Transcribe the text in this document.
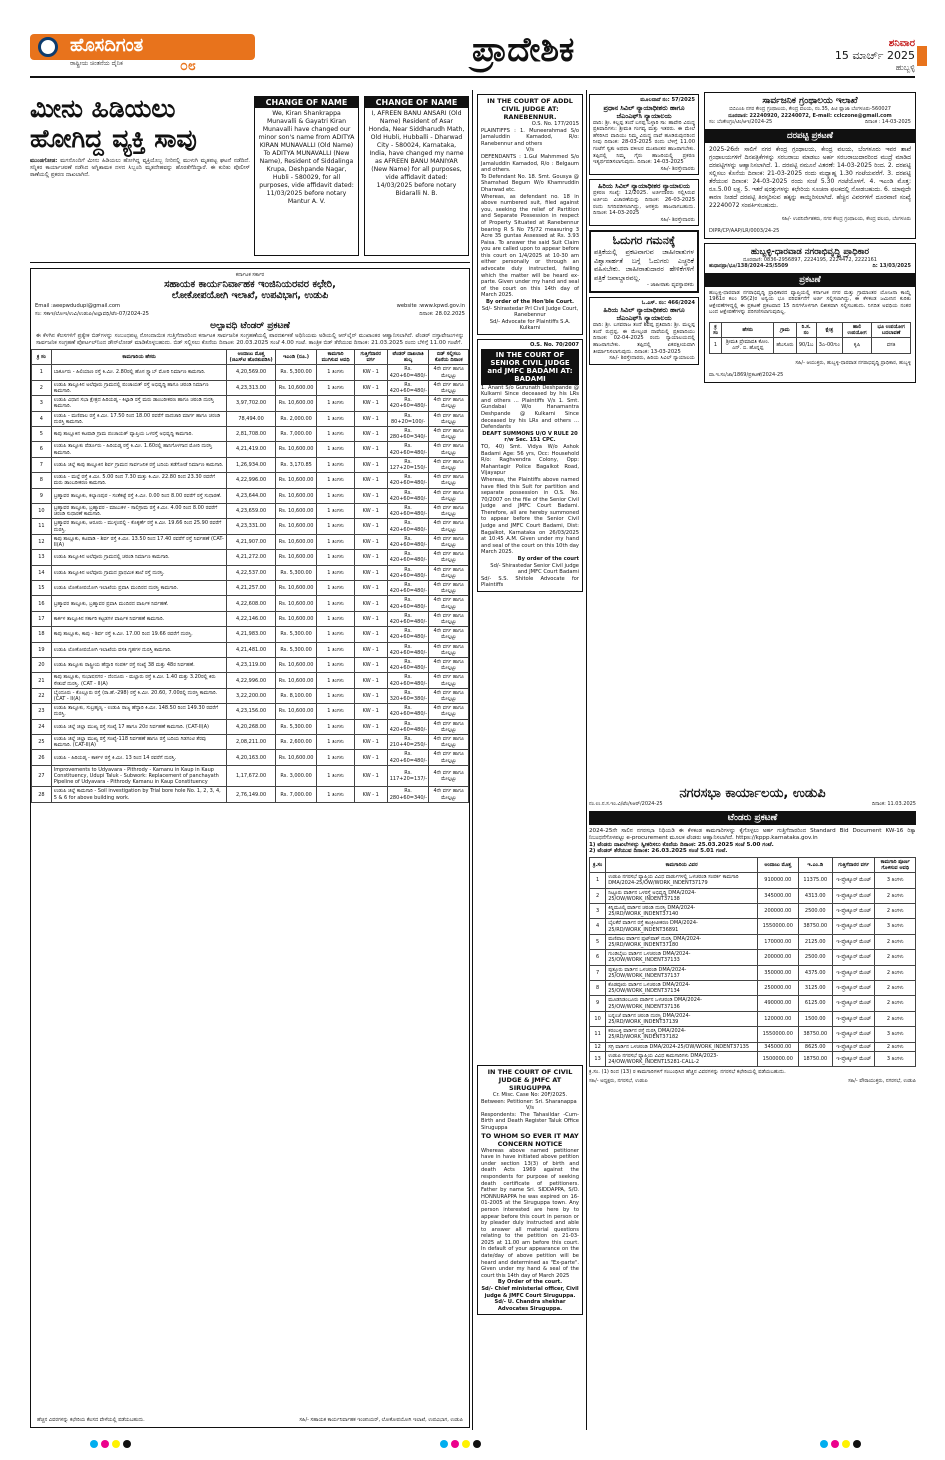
ಹೊಸದಿಗಂತ
ರಾಷ್ಟ್ರೀಯ ಚಿಂತನೆಯ ದೈನಿಕ	೦೮	ಪ್ರಾದೇಶಿಕ	ಶನಿವಾರ
15 ಮಾರ್ಚ್ 2025
ಹುಬ್ಬಳ್ಳಿ
ಮೀನು ಹಿಡಿಯಲು ಹೋಗಿದ್ದ ವ್ಯಕ್ತಿ ಸಾವು
ಮುಂಡಗೋಡ: ಮಗನೊಂದಿಗೆ ಮೀನು ಹಿಡಿಯಲು ಹೋಗಿದ್ದ ವ್ಯಕ್ತಿಯೊಬ್ಬ ನೀರಿನಲ್ಲಿ ಮುಳುಗಿ ಮೃತಪಟ್ಟ ಘಟನೆ ನಡೆದಿದೆ. ಸನ್ನಿಕರ ಕಾರ್ಯಾಚರಣೆ ನಡೆಸಿದ ಅಗ್ನಿಶಾಮಕ ದಳದ ಸಿಬ್ಬಂದಿ ಮೃತದೇಹವನ್ನು ಹೊರತೆಗೆದಿದ್ದಾರೆ. ಈ ಕುರಿತು ಪೊಲೀಸ್ ಠಾಣೆಯಲ್ಲಿ ಪ್ರಕರಣ ದಾಖಲಾಗಿದೆ.
CHANGE OF NAME
We, Kiran Shankrappa Munavalli & Gayatri Kiran Munavalli have changed our minor son's name from ADITYA KIRAN MUNAVALLI (Old Name) To ADITYA MUNAVALLI (New Name), Resident of Siddalinga Krupa, Deshpande Nagar, Hubli - 580029, for all purposes, vide affidavit dated: 11/03/2025 before notary Mantur A. V.
CHANGE OF NAME
I, AFREEN BANU ANSARI (Old Name) Resident of Asar Honda, Near Siddharudh Math, Old Hubli, Hubballi - Dharwad City - 580024, Karnataka, India, have changed my name as AFREEN BANU MANIYAR (New Name) for all purposes, vide affidavit dated: 14/03/2025 before notary Bidaralli N. B.
ಕರ್ನಾಟಕ ಸರ್ಕಾರ
ಸಹಾಯಕ ಕಾರ್ಯನಿರ್ವಾಹಕ ಇಂಜಿನಿಯರವರ ಕಛೇರಿ,
ಲೋಕೋಪಯೋಗಿ ಇಲಾಖೆ, ಉಪವಿಭಾಗ, ಉಡುಪಿ
Email :aeepwdudupi@gmail.com	website :www.kpwd.gov.in
ಸಂ: ಸಕಾಇ/ಲೋಇ/ಉವಿ/ಉಡುಪಿ/ಅಲ್ಪಾವಧಿ/ಟೆಂ-07/2024-25	ದಿನಾಂಕ: 28.02.2025
ಅಲ್ಪಾವಧಿ ಟೆಂಡರ್ ಪ್ರಕಟಣೆ
ಈ ಕೆಳಗಿನ ಕೆಲಸಗಳಿಗೆ ಪ್ರತ್ಯೇಕ ಬಿಡ್‌ಗಳನ್ನು ಸಂಬಂಧಪಟ್ಟ ನೋಂದಾಯಿತ ಗುತ್ತಿಗೆದಾರರಿಂದ ಕರ್ನಾಟಕ ಸಾರ್ವಜನಿಕ ಸಂಗ್ರಹಣೆಯಲ್ಲಿ ಪಾರದರ್ಶಕತೆ ಅಧಿನಿಯಮ ಅಡಿಯಲ್ಲಿ ಆನ್‌ಲೈನ್ ಮುಖಾಂತರ ಆಹ್ವಾನಿಸಲಾಗಿದೆ. ಟೆಂಡರ್ ದಸ್ತಾವೇಜುಗಳನ್ನು ಸಾರ್ವಜನಿಕ ಸಂಗ್ರಹಣೆ ಪೋರ್ಟಲ್‌ನಿಂದ ಡೌನ್‌ಲೋಡ್ ಮಾಡಿಕೊಳ್ಳಬಹುದು. ಬಿಡ್ ಸಲ್ಲಿಸಲು ಕೊನೆಯ ದಿನಾಂಕ: 20.03.2025 ಸಂಜೆ 4.00 ಗಂಟೆ. ತಾಂತ್ರಿಕ ಬಿಡ್ ತೆರೆಯುವ ದಿನಾಂಕ: 21.03.2025 ರಂದು ಬೆಳಿಗ್ಗೆ 11.00 ಗಂಟೆಗೆ.
ಕ್ರ ಸಂ	ಕಾಮಗಾರಿಯ ಹೆಸರು	ಅಂದಾಜು ಮೊತ್ತ (ಜಿಎಸ್‌ಟಿ ಹೊರತುಪಡಿಸಿ)	ಇಎಂಡಿ (ರೂ.)	ಕಾಮಗಾರಿ ಮುಗಿಸುವ ಅವಧಿ	ಗುತ್ತಿಗೆದಾರರ ವರ್ಗ	ಟೆಂಡರ್ ದಾಖಲಾತಿ ಶುಲ್ಕ	ಬಿಡ್ ಸಲ್ಲಿಸಲು ಕೊನೆಯ ದಿನಾಂಕ
1	ಬಾರ್ಕೂರು - ಹಿಲಿಯಾಣ ರಸ್ತೆ ಕಿ.ಮೀ. 2.80ರಲ್ಲಿ ಹೊಸ ಸ್ಲ್ಯಾಬ್ ಮೋರಿ ನಿರ್ಮಾಣ ಕಾಮಗಾರಿ.	4,20,569.00	Rs. 5,300.00	1 ತಿಂಗಳು	KW - 1	Rs. 420+60=480/-	4ನೇ ವರ್ಗ ಹಾಗೂ ಮೇಲ್ಪಟ್ಟು
2	ಉಡುಪಿ ತಾಲ್ಲೂಕಿನ ಅಲೆವೂರು ಗ್ರಾಮದಲ್ಲಿ ಪಂಚಾಯತ್ ರಸ್ತೆ ಅಭಿವೃದ್ಧಿ ಹಾಗೂ ಚರಂಡಿ ನಿರ್ಮಾಣ ಕಾಮಗಾರಿ.	4,23,313.00	Rs. 10,600.00	1 ತಿಂಗಳು	KW - 1	Rs. 420+60=480/-	4ನೇ ವರ್ಗ ಹಾಗೂ ಮೇಲ್ಪಟ್ಟು
3	ಉಡುಪಿ ವಿಧಾನ ಸಭಾ ಕ್ಷೇತ್ರದ ಹಿರಿಯಡ್ಕ - ಕಿಲ್ಪಾಡಿ ರಸ್ತೆ ಮರು ಡಾಂಬರೀಕರಣ ಹಾಗೂ ಚರಂಡಿ ದುರಸ್ತಿ ಕಾಮಗಾರಿ.	3,97,702.00	Rs. 10,600.00	1 ತಿಂಗಳು	KW - 1	Rs. 420+60=480/-	4ನೇ ವರ್ಗ ಹಾಗೂ ಮೇಲ್ಪಟ್ಟು
4	ಉಡುಪಿ - ಮಣಿಪಾಲ ರಸ್ತೆ ಕಿ.ಮೀ. 17.50 ರಿಂದ 18.00 ರವರೆಗೆ ಪಾದಚಾರಿ ಮಾರ್ಗ ಹಾಗೂ ಚರಂಡಿ ದುರಸ್ತಿ ಕಾಮಗಾರಿ.	78,494.00	Rs. 2,000.00	1 ತಿಂಗಳು	KW - 1	Rs. 80+20=100/-	4ನೇ ವರ್ಗ ಹಾಗೂ ಮೇಲ್ಪಟ್ಟು
5	ಕಾಪು ತಾಲ್ಲೂಕಿನ ಕಟಪಾಡಿ ಗ್ರಾಮ ಪಂಚಾಯತ್ ವ್ಯಾಪ್ತಿಯ ಒಳರಸ್ತೆ ಅಭಿವೃದ್ಧಿ ಕಾಮಗಾರಿ.	2,81,708.00	Rs. 7,000.00	1 ತಿಂಗಳು	KW - 1	Rs. 280+60=340/-	4ನೇ ವರ್ಗ ಹಾಗೂ ಮೇಲ್ಪಟ್ಟು
6	ಉಡುಪಿ ತಾಲ್ಲೂಕು ಪೆರ್ಡೂರು - ಹಿರಿಯಡ್ಕ ರಸ್ತೆ ಕಿ.ಮೀ. 1.60ರಲ್ಲಿ ಹಾನಿಗೊಳಗಾದ ಮೋರಿ ದುರಸ್ತಿ ಕಾಮಗಾರಿ.	4,21,419.00	Rs. 10,600.00	1 ತಿಂಗಳು	KW - 1	Rs. 420+60=480/-	4ನೇ ವರ್ಗ ಹಾಗೂ ಮೇಲ್ಪಟ್ಟು
7	ಉಡುಪಿ ಜಿಲ್ಲೆ ಕಾಪು ತಾಲ್ಲೂಕಿನ ಶಿರ್ವ ಗ್ರಾಮದ ಸಾರ್ವಜನಿಕ ರಸ್ತೆ ಬದಿಯ ತಡೆಗೋಡೆ ನಿರ್ಮಾಣ ಕಾಮಗಾರಿ.	1,26,934.00	Rs. 3,170.85	1 ತಿಂಗಳು	KW - 1	Rs. 127+20=150/-	4ನೇ ವರ್ಗ ಹಾಗೂ ಮೇಲ್ಪಟ್ಟು
8	ಉಡುಪಿ - ಮಲ್ಪೆ ರಸ್ತೆ ಕಿ.ಮೀ. 5.00 ರಿಂದ 7.30 ಮತ್ತು ಕಿ.ಮೀ. 22.80 ರಿಂದ 23.30 ರವರೆಗೆ ಮರು ಡಾಂಬರೀಕರಣ ಕಾಮಗಾರಿ.	4,22,996.00	Rs. 10,600.00	1 ತಿಂಗಳು	KW - 1	Rs. 420+60=480/-	4ನೇ ವರ್ಗ ಹಾಗೂ ಮೇಲ್ಪಟ್ಟು
9	ಬ್ರಹ್ಮಾವರ ತಾಲ್ಲೂಕು, ಕಲ್ಯಾಣಪುರ - ಸಂತೆಕಟ್ಟೆ ರಸ್ತೆ ಕಿ.ಮೀ. 0.00 ರಿಂದ 8.00 ರವರೆಗೆ ರಸ್ತೆ ಸುಧಾರಣೆ.	4,23,644.00	Rs. 10,600.00	1 ತಿಂಗಳು	KW - 1	Rs. 420+60=480/-	4ನೇ ವರ್ಗ ಹಾಗೂ ಮೇಲ್ಪಟ್ಟು
10	ಬ್ರಹ್ಮಾವರ ತಾಲ್ಲೂಕು, ಬ್ರಹ್ಮಾವರ - ಮಾಬುಕಳ - ಸಾಲಿಗ್ರಾಮ ರಸ್ತೆ ಕಿ.ಮೀ. 4.00 ರಿಂದ 8.00 ರವರೆಗೆ ಚರಂಡಿ ಸುಧಾರಣೆ ಕಾಮಗಾರಿ.	4,23,659.00	Rs. 10,600.00	1 ತಿಂಗಳು	KW - 1	Rs. 420+60=480/-	4ನೇ ವರ್ಗ ಹಾಗೂ ಮೇಲ್ಪಟ್ಟು
11	ಬ್ರಹ್ಮಾವರ ತಾಲ್ಲೂಕು, ಆರೂರು - ಮುಳ್ಳಂಪಲ್ಲಿ - ಕೊಕ್ಕರ್ಣೆ ರಸ್ತೆ ಕಿ.ಮೀ. 19.66 ರಿಂದ 25.90 ರವರೆಗೆ ದುರಸ್ತಿ.	4,23,331.00	Rs. 10,600.00	1 ತಿಂಗಳು	KW - 1	Rs. 420+60=480/-	4ನೇ ವರ್ಗ ಹಾಗೂ ಮೇಲ್ಪಟ್ಟು
12	ಕಾಪು ತಾಲ್ಲೂಕು, ಕಟಪಾಡಿ - ಶಿರ್ವ ರಸ್ತೆ ಕಿ.ಮೀ. 13.50 ರಿಂದ 17.40 ರವರೆಗೆ ರಸ್ತೆ ನಿರ್ವಹಣೆ (CAT-II(A)	4,21,907.00	Rs. 10,600.00	1 ತಿಂಗಳು	KW - 1	Rs. 420+60=480/-	4ನೇ ವರ್ಗ ಹಾಗೂ ಮೇಲ್ಪಟ್ಟು
13	ಉಡುಪಿ ತಾಲ್ಲೂಕಿನ ಅಲೆವೂರು ಗ್ರಾಮದಲ್ಲಿ ಚರಂಡಿ ನಿರ್ಮಾಣ ಕಾಮಗಾರಿ.	4,21,272.00	Rs. 10,600.00	1 ತಿಂಗಳು	KW - 1	Rs. 420+60=480/-	4ನೇ ವರ್ಗ ಹಾಗೂ ಮೇಲ್ಪಟ್ಟು
14	ಉಡುಪಿ ತಾಲ್ಲೂಕಿನ ಅಲೆವೂರು ಗ್ರಾಮದ ಪ್ರಾಥಮಿಕ ಶಾಲೆ ರಸ್ತೆ ದುರಸ್ತಿ.	4,22,537.00	Rs. 5,300.00	1 ತಿಂಗಳು	KW - 1	Rs. 420+60=480/-	4ನೇ ವರ್ಗ ಹಾಗೂ ಮೇಲ್ಪಟ್ಟು
15	ಉಡುಪಿ ಲೋಕೋಪಯೋಗಿ ಇಲಾಖೆಯ ಪ್ರವಾಸಿ ಮಂದಿರದ ದುರಸ್ತಿ ಕಾಮಗಾರಿ.	4,21,257.00	Rs. 10,600.00	1 ತಿಂಗಳು	KW - 1	Rs. 420+60=480/-	4ನೇ ವರ್ಗ ಹಾಗೂ ಮೇಲ್ಪಟ್ಟು
16	ಬ್ರಹ್ಮಾವರ ತಾಲ್ಲೂಕು, ಬ್ರಹ್ಮಾವರ ಪ್ರವಾಸಿ ಮಂದಿರದ ವಾರ್ಷಿಕ ನಿರ್ವಹಣೆ.	4,22,608.00	Rs. 10,600.00	1 ತಿಂಗಳು	KW - 1	Rs. 420+60=480/-	4ನೇ ವರ್ಗ ಹಾಗೂ ಮೇಲ್ಪಟ್ಟು
17	ಕಾರ್ಕಳ ತಾಲ್ಲೂಕಿನ ಸರ್ಕಾರಿ ಕಟ್ಟಡಗಳ ವಾರ್ಷಿಕ ನಿರ್ವಹಣೆ ಕಾಮಗಾರಿ.	4,22,146.00	Rs. 10,600.00	1 ತಿಂಗಳು	KW - 1	Rs. 420+60=480/-	4ನೇ ವರ್ಗ ಹಾಗೂ ಮೇಲ್ಪಟ್ಟು
18	ಕಾಪು ತಾಲ್ಲೂಕು, ಕಾಪು - ಶಿರ್ವ ರಸ್ತೆ ಕಿ.ಮೀ. 17.00 ರಿಂದ 19.66 ರವರೆಗೆ ದುರಸ್ತಿ.	4,21,983.00	Rs. 5,300.00	1 ತಿಂಗಳು	KW - 1	Rs. 420+60=480/-	4ನೇ ವರ್ಗ ಹಾಗೂ ಮೇಲ್ಪಟ್ಟು
19	ಉಡುಪಿ ಲೋಕೋಪಯೋಗಿ ಇಲಾಖೆಯ ವಸತಿ ಗೃಹಗಳ ದುರಸ್ತಿ ಕಾಮಗಾರಿ.	4,21,481.00	Rs. 5,300.00	1 ತಿಂಗಳು	KW - 1	Rs. 420+60=480/-	4ನೇ ವರ್ಗ ಹಾಗೂ ಮೇಲ್ಪಟ್ಟು
20	ಉಡುಪಿ ತಾಲ್ಲೂಕು ರಾಷ್ಟ್ರೀಯ ಹೆದ್ದಾರಿ ಸಂಪರ್ಕ ರಸ್ತೆ ಸಂಖ್ಯೆ 38 ಮತ್ತು 48ರ ನಿರ್ವಹಣೆ.	4,23,119.00	Rs. 10,600.00	1 ತಿಂಗಳು	KW - 1	Rs. 420+60=480/-	4ನೇ ವರ್ಗ ಹಾಗೂ ಮೇಲ್ಪಟ್ಟು
21	ಕಾಪು ತಾಲ್ಲೂಕು, ಸುಭಾಷನಗರ - ದೆಂದೂರು - ಮಲ್ಲಾರು ರಸ್ತೆ ಕಿ.ಮೀ. 1.40 ಮತ್ತು 3.20ರಲ್ಲಿ ಕಿರು ಸೇತುವೆ ದುರಸ್ತಿ. (CAT - II(A)	4,22,996.00	Rs. 10,600.00	1 ತಿಂಗಳು	KW - 1	Rs. 420+60=480/-	4ನೇ ವರ್ಗ ಹಾಗೂ ಮೇಲ್ಪಟ್ಟು
22	ಬೈಂದೂರು - ಕೊಲ್ಲೂರು ರಸ್ತೆ (ರಾ.ಹೆ.-298) ರಸ್ತೆ ಕಿ.ಮೀ. 20.60, 7.00ರಲ್ಲಿ ದುರಸ್ತಿ ಕಾಮಗಾರಿ. (CAT - II(A)	3,22,200.00	Rs. 8,100.00	1 ತಿಂಗಳು	KW - 1	Rs. 320+60=380/-	4ನೇ ವರ್ಗ ಹಾಗೂ ಮೇಲ್ಪಟ್ಟು
23	ಉಡುಪಿ ತಾಲ್ಲೂಕು, ಸುಬ್ರಹ್ಮಣ್ಯ - ಉಡುಪಿ ರಾಜ್ಯ ಹೆದ್ದಾರಿ ಕಿ.ಮೀ. 148.50 ರಿಂದ 149.30 ರವರೆಗೆ ದುರಸ್ತಿ.	4,23,156.00	Rs. 10,600.00	1 ತಿಂಗಳು	KW - 1	Rs. 420+60=480/-	4ನೇ ವರ್ಗ ಹಾಗೂ ಮೇಲ್ಪಟ್ಟು
24	ಉಡುಪಿ ಜಿಲ್ಲೆ ಜಿಲ್ಲಾ ಮುಖ್ಯ ರಸ್ತೆ ಸಂಖ್ಯೆ 17 ಹಾಗೂ 20ರ ನಿರ್ವಹಣೆ ಕಾಮಗಾರಿ. (CAT-II(A)	4,20,268.00	Rs. 5,300.00	1 ತಿಂಗಳು	KW - 1	Rs. 420+60=480/-	4ನೇ ವರ್ಗ ಹಾಗೂ ಮೇಲ್ಪಟ್ಟು
25	ಉಡುಪಿ ಜಿಲ್ಲೆ ಜಿಲ್ಲಾ ಮುಖ್ಯ ರಸ್ತೆ ಸಂಖ್ಯೆ-118 ನಿರ್ವಹಣೆ ಹಾಗೂ ರಸ್ತೆ ಬದಿಯ ಗಿಡಗಂಟಿ ತೆರವು ಕಾಮಗಾರಿ. (CAT-II(A)	2,08,211.00	Rs. 2,600.00	1 ತಿಂಗಳು	KW - 1	Rs. 210+40=250/-	4ನೇ ವರ್ಗ ಹಾಗೂ ಮೇಲ್ಪಟ್ಟು
26	ಉಡುಪಿ - ಹಿರಿಯಡ್ಕ - ಕಾರ್ಕಳ ರಸ್ತೆ ಕಿ.ಮೀ. 13 ರಿಂದ 14 ರವರೆಗೆ ದುರಸ್ತಿ.	4,20,163.00	Rs. 10,600.00	1 ತಿಂಗಳು	KW - 1	Rs. 420+60=480/-	4ನೇ ವರ್ಗ ಹಾಗೂ ಮೇಲ್ಪಟ್ಟು
27	Improvements to Udyavara - Pithrody - Kamanu in Kaup in Kaup Constituency, Udupi Taluk - Subwork: Replacement of panchayath Pipeline of Udyavara - Pithrody Kamanu in Kaup Constituency	1,17,672.00	Rs. 3,000.00	1 ತಿಂಗಳು	KW - 1	Rs. 117+20=137/-	4ನೇ ವರ್ಗ ಹಾಗೂ ಮೇಲ್ಪಟ್ಟು
28	ಉಡುಪಿ ಜಿಲ್ಲೆ ಕಾಮಗಾರಿ - Soil investigation by Trial bore hole No. 1, 2, 3, 4, 5 & 6 for above building work.	2,76,149.00	Rs. 7,000.00	1 ತಿಂಗಳು	KW - 1	Rs. 280+60=340/-	4ನೇ ವರ್ಗ ಹಾಗೂ ಮೇಲ್ಪಟ್ಟು
ಹೆಚ್ಚಿನ ವಿವರಗಳನ್ನು ಕಛೇರಿಯ ಕೆಲಸದ ವೇಳೆಯಲ್ಲಿ ಪಡೆಯಬಹುದು.	ಸಹಿ/- ಸಹಾಯಕ ಕಾರ್ಯನಿರ್ವಾಹಕ ಇಂಜಿನಿಯರ್, ಲೋಕೋಪಯೋಗಿ ಇಲಾಖೆ, ಉಪವಿಭಾಗ, ಉಡುಪಿ
IN THE COURT OF ADDL CIVIL JUDGE AT: RANEBENNUR.
O.S. No. 177/2015
PLAINTIFFS : 1. Muneerahmad S/o Jamaluddin Kamadod, R/o: Ranebennur and others
V/s
DEFENDANTS : 1.Gul Mahmmed S/o Jamaluddin Kamadod, R/o : Belgaum and others.
To Defendant No. 18. Smt. Gousya @ Shamshad Begum W/o Khamruddin Dharwad etc.
Whereas, as defendant no. 18 in above numbered suit, filed against you, seeking the relief of Partition and Separate Possession in respect of Property Situated at Ranebennur bearing R S No 75/72 measuring 3 Acre 35 guntas Assessed at Rs. 3.93 Paisa. To answer the said Suit Claim you are called upon to appear before this court on 1/4/2025 at 10-30 am either personally or through an advocate duly instructed, failing which the matter will be heard ex-parte. Given under my hand and seal of the court on this 14th day of March 2025.
By order of the Hon'ble Court.
Sd/- Shirastedar Prl Civil Judge Court, Ranebennur
Sd/- Advocate for Plaintiffs S.A. Kulkarni
O.S. No. 70/2007
IN THE COURT OF SENIOR CIVIL JUDGE and JMFC BADAMI AT: BADAMI
1. Anant S/o Gurunath Deshpande @ Kulkarni Since deceased by his LRs and others ... Plaintiffs V/s 1. Smt. Gundabai W/o Hanamantra Deshpande @ Kulkarni Since deceased by his LRs and others ... Defendants
DEAFT SUMMONS U/O V RULE 20 r/w Sec. 151 CPC.
TO, 40) Smt. Vidya W/o Ashok Badami Age: 56 yrs, Occ: Household R/o: Raghvendra Colony, Opp: Mahantagir Police Bagalkot Road, Vijayapur
Whereas, the Plaintiffs above named have filed this Suit for partition and separate possession in O.S. No. 70/2007 on the file of the Senior Civil Judge and JMFC Court Badami. Therefore, all are hereby summoned to appear before the Senior Civil Judge and JMFC Court Badami, Dist: Bagalkot, Karnataka on 26/03/2025 at 10:45 A.M. Given under my hand and seal of the court on this 10th day March 2025.
By order of the court
Sd/- Shirastedar Senior Civil judge and JMFC Court Badami
Sd/- S.S. Shitole Advocate for Plaintiffs
IN THE COURT OF CIVIL JUDGE & JMFC AT SIRUGUPPA
Cr. Misc. Case No: 20F/2025.
Between: Petitioner: Sri. Sharanappa
V/s
Respondents: The Tahasildar -Cum- Birth and Death Register Taluk Office Siruguppa
TO WHOM SO EVER IT MAY CONCERN NOTICE
Whereas above named petitioner have in have initiated above petition under section 13(3) of birth and death Acts 1969 against the respondents for purpose of seeking death certificate of petitioners. Father by name Sri. SIDDAPPA, S/O. HONNURAPPA he was expired on 16-01-2005 at the Siruguppa town. Any person interested are here by to appear before this court in person or by pleader duly instructed and able to answer all material questions relating to the petition on 21-03-2025 at 11.00 am before this court. In default of your appearance on the date/day of above petition will be heard and determined as "Ex-parte". Given under my hand & seal of the court this 14th day of March 2025
By Order of the court.
Sd/- Chief ministerial officer, Civil judge & JMFC Court Siruguppa.
Sd/- U. Chandra shekhar Advocates Siruguppa.
ಮೂಲದಾವೆ ನಂ: 57/2025
ಪ್ರಧಾನ ಸಿವಿಲ್ ನ್ಯಾಯಾಧೀಶರು ಹಾಗೂ ಜೆಎಂಎಫ್‌ಸಿ ನ್ಯಾಯಾಲಯ
ವಾದಿ: ಶ್ರೀ. ಕಲ್ಲಪ್ಪ ತಂದೆ ಬಸಪ್ಪ ಬಳ್ಳಾರಿ ಸಾ: ಹಾವೇರಿ ವಿರುದ್ಧ ಪ್ರತಿವಾದಿಗಳು: ಶ್ರೀಮತಿ ಗಂಗವ್ವ ಮತ್ತು ಇತರರು. ಈ ಮೇಲೆ ಹೆಸರಿಸಿದ ವಾದಿಯು ನಿಮ್ಮ ವಿರುದ್ಧ ದಾವೆ ಹೂಡಿರುವುದರಿಂದ ನೀವು ದಿನಾಂಕ: 28-03-2025 ರಂದು ಬೆಳಿಗ್ಗೆ 11.00 ಗಂಟೆಗೆ ಸ್ವತಃ ಅಥವಾ ವಕೀಲರ ಮುಖಾಂತರ ಹಾಜರಾಗಬೇಕು. ತಪ್ಪಿದಲ್ಲಿ ನಿಮ್ಮ ಗೈರು ಹಾಜರಿಯಲ್ಲಿ ಪ್ರಕರಣ ಇತ್ಯರ್ಥಪಡಿಸಲಾಗುವುದು. ದಿನಾಂಕ: 14-03-2025
ಸಹಿ/- ಶಿರಸ್ತೇದಾರರು
ಹಿರಿಯ ಸಿವಿಲ್ ನ್ಯಾಯಾಧೀಶರ ನ್ಯಾಯಾಲಯ
ಪ್ರಕರಣ ಸಂಖ್ಯೆ: 12/2025. ಅರ್ಜಿದಾರರು ಸಲ್ಲಿಸಿರುವ ಅರ್ಜಿಯ ವಿಚಾರಣೆಯನ್ನು ದಿನಾಂಕ: 26-03-2025 ರಂದು ನಿಗದಿಪಡಿಸಲಾಗಿದ್ದು, ಆಸಕ್ತರು ಹಾಜರಾಗಬಹುದು. ದಿನಾಂಕ: 14-03-2025
ಸಹಿ/- ಶಿರಸ್ತೇದಾರರು
ಓದುಗರ ಗಮನಕ್ಕೆ
ಪತ್ರಿಕೆಯಲ್ಲಿ ಪ್ರಕಟವಾಗುವ ಜಾಹೀರಾತುಗಳ ವಿಶ್ವಾಸಾರ್ಹತೆ ಬಗ್ಗೆ ಓದುಗರು ಎಚ್ಚರಿಕೆ ವಹಿಸಬೇಕು. ಜಾಹೀರಾತುದಾರರ ಹೇಳಿಕೆಗಳಿಗೆ ಪತ್ರಿಕೆ ಜವಾಬ್ದಾರವಲ್ಲ.
- ಜಾಹೀರಾತು ವ್ಯವಸ್ಥಾಪಕರು
ಓ.ಎಸ್. ನಂ: 466/2024
ಹಿರಿಯ ಸಿವಿಲ್ ನ್ಯಾಯಾಧೀಶರು ಹಾಗೂ ಜೆಎಂಎಫ್‌ಸಿ ನ್ಯಾಯಾಲಯ
ವಾದಿ: ಶ್ರೀ. ಬಸವರಾಜ ತಂದೆ ಶಿವಪ್ಪ ಪ್ರತಿವಾದಿ: ಶ್ರೀ. ಮಲ್ಲಪ್ಪ ತಂದೆ ರುದ್ರಪ್ಪ. ಈ ಮೇಲ್ಕಂಡ ದಾವೆಯಲ್ಲಿ ಪ್ರತಿವಾದಿಯು ದಿನಾಂಕ: 02-04-2025 ರಂದು ನ್ಯಾಯಾಲಯದಲ್ಲಿ ಹಾಜರಾಗಬೇಕು. ತಪ್ಪಿದಲ್ಲಿ ಏಕಪಕ್ಷೀಯವಾಗಿ ತೀರ್ಮಾನಿಸಲಾಗುವುದು. ದಿನಾಂಕ: 13-03-2025
ಸಹಿ/- ಶಿರಸ್ತೇದಾರರು, ಹಿರಿಯ ಸಿವಿಲ್ ನ್ಯಾಯಾಲಯ
ಸಾರ್ವಜನಿಕ ಗ್ರಂಥಾಲಯ ಇಲಾಖೆ
ಬಿಬಿಎಂಪಿ ನಗರ ಕೇಂದ್ರ ಗ್ರಂಥಾಲಯ, ಕೇಂದ್ರ ವಲಯ, ನಂ.35, ಪಿಟಿ ಪ್ಲಾಜಾ ಬೆಂಗಳೂರು-560027
ದೂರವಾಣಿ: 22240920, 22240072, E-mail: cclczone@gmail.com
ಸಂ: ಬೆಂಕೇಂಗ್ರಂ/ಟಿಂ/ಆಇ/2024-25	ದಿನಾಂಕ : 14-03-2025
ದರಪಟ್ಟಿ ಪ್ರಕಟಣೆ
2025-26ನೇ ಸಾಲಿಗೆ ನಗರ ಕೇಂದ್ರ ಗ್ರಂಥಾಲಯ, ಕೇಂದ್ರ ವಲಯ, ಬೆಂಗಳೂರು ಇವರ ಶಾಖೆ ಗ್ರಂಥಾಲಯಗಳಿಗೆ ದಿನಪತ್ರಿಕೆಗಳನ್ನು ಸರಬರಾಜು ಮಾಡಲು ಅರ್ಹ ಸರಬರಾಜುದಾರರಿಂದ ಮುದ್ರೆ ಮಾಡಿದ ದರಪಟ್ಟಿಗಳನ್ನು ಆಹ್ವಾನಿಸಲಾಗಿದೆ. 1. ದರಪಟ್ಟಿ ನಮೂನೆ ವಿತರಣೆ: 14-03-2025 ರಿಂದ. 2. ದರಪಟ್ಟಿ ಸಲ್ಲಿಸಲು ಕೊನೆಯ ದಿನಾಂಕ: 21-03-2025 ರಂದು ಮಧ್ಯಾಹ್ನ 1.30 ಗಂಟೆಯವರೆಗೆ. 3. ದರಪಟ್ಟಿ ತೆರೆಯುವ ದಿನಾಂಕ: 24-03-2025 ರಂದು ಸಂಜೆ 5.30 ಗಂಟೆಯೊಳಗೆ. 4. ಇಎಂಡಿ ಮೊತ್ತ: ರೂ.5.00 ಲಕ್ಷ. 5. ಇತರೆ ಷರತ್ತುಗಳನ್ನು ಕಛೇರಿಯ ಸೂಚನಾ ಫಲಕದಲ್ಲಿ ನೋಡಬಹುದು. 6. ಯಾವುದೇ ಕಾರಣ ನೀಡದೆ ದರಪಟ್ಟಿ ತಿರಸ್ಕರಿಸುವ ಹಕ್ಕನ್ನು ಕಾಯ್ದಿರಿಸಲಾಗಿದೆ. ಹೆಚ್ಚಿನ ವಿವರಗಳಿಗೆ ದೂರವಾಣಿ ಸಂಖ್ಯೆ 22240072 ಸಂಪರ್ಕಿಸಬಹುದು.
ಸಹಿ/- ಉಪನಿರ್ದೇಶಕರು, ನಗರ ಕೇಂದ್ರ ಗ್ರಂಥಾಲಯ, ಕೇಂದ್ರ ವಲಯ, ಬೆಂಗಳೂರು
DIPR/CP/AAP/LR/0003/24-25
ಹುಬ್ಬಳ್ಳಿ-ಧಾರವಾಡ ನಗರಾಭಿವೃದ್ಧಿ ಪ್ರಾಧಿಕಾರ
ದೂರವಾಣಿ: 0836-2956897, 2224195, 2224472, 2222161
ಹುಧಾನಪ್ರಾ/ಭೂ/138/2024-25/5509	ದಿ: 13/03/2025
ಪ್ರಕಟಣೆ
ಹುಬ್ಬಳ್ಳಿ-ಧಾರವಾಡ ನಗರಾಭಿವೃದ್ಧಿ ಪ್ರಾಧಿಕಾರದ ವ್ಯಾಪ್ತಿಯಲ್ಲಿ ಕರ್ನಾಟಕ ನಗರ ಮತ್ತು ಗ್ರಾಮಾಂತರ ಯೋಜನಾ ಕಾಯ್ದೆ 1961ರ ಕಲಂ 95(2)ರ ಅನ್ವಯ ಭೂ ಪರಿವರ್ತನೆಗೆ ಅರ್ಜಿ ಸಲ್ಲಿಸಲಾಗಿದ್ದು, ಈ ಕೆಳಕಂಡ ಜಮೀನಿನ ಕುರಿತು ಆಕ್ಷೇಪಣೆಗಳಿದ್ದಲ್ಲಿ ಈ ಪ್ರಕಟಣೆ ಪ್ರಕಟವಾದ 15 ದಿನಗಳೊಳಗಾಗಿ ಲಿಖಿತವಾಗಿ ಸಲ್ಲಿಸಬಹುದು. ನಿಗದಿತ ಅವಧಿಯ ನಂತರ ಬಂದ ಆಕ್ಷೇಪಣೆಗಳನ್ನು ಪರಿಗಣಿಸಲಾಗುವುದಿಲ್ಲ.
ಕ್ರ ಸಂ	ಹೆಸರು	ಗ್ರಾಮ	ರಿ.ಸ. ನಂ	ಕ್ಷೇತ್ರ	ಹಾಲಿ ಉಪಯೋಗ	ಭೂ ಉಪಯೋಗ ಬದಲಾವಣೆ
1	ಶ್ರೀಮತಿ ಪ್ರೇಮಾವತಿ ಕೋಂ. ಎನ್. ಬಿ. ಹೊನ್ನಪ್ಪ	ಹೆಬಸೂರು	90/1ಬ	3ಎ-00ಗುಂ	ಕೃಷಿ	ವಸತಿ
ಸಹಿ/- ಆಯುಕ್ತರು, ಹುಬ್ಬಳ್ಳಿ-ಧಾರವಾಡ ನಗರಾಭಿವೃದ್ಧಿ ಪ್ರಾಧಿಕಾರ, ಹುಬ್ಬಳ್ಳಿ
ವಾ.ಇ.ಸಂ/ಜಾ/1869/ಪ್ರಕಟಣೆ/2024-25
ನಗರಸಭಾ ಕಾರ್ಯಾಲಯ, ಉಡುಪಿ
ನಂ.ಉ.ನ.ಸ.ಇಂ.ವಿ/ಟೆಂ/ಸಿಆರ್/2024-25	ದಿನಾಂಕ: 11.03.2025
ಟೆಂಡರು ಪ್ರಕಟಣೆ
2024-25ನೇ ಸಾಲಿನ ನಗರಸಭಾ ನಿಧಿಯಡಿ ಈ ಕೆಳಕಂಡ ಕಾಮಗಾರಿಗಳನ್ನು ಕೈಗೊಳ್ಳಲು ಅರ್ಹ ಗುತ್ತಿಗೆದಾರರಿಂದ Standard Bid Document KW-16 ರಿತ್ಯಾ ನಿಬಂಧನೆಗೊಳಪಟ್ಟು e-procurement ಮೂಲಕ ಟೆಂಡರು ಆಹ್ವಾನಿಸಲಾಗಿದೆ. https://kppp.karnataka.gov.in
1) ಟೆಂಡರು ದಾಖಲೆಗಳನ್ನು ಸ್ವೀಕರಿಸಲು ಕೊನೆಯ ದಿನಾಂಕ: 25.03.2025 ಸಂಜೆ 5.00 ಗಂಟೆ.
2) ಟೆಂಡರ್ ತೆರೆಯುವ ದಿನಾಂಕ: 26.03.2025 ಸಂಜೆ 5.01 ಗಂಟೆ.
ಕ್ರ.ಸಂ	ಕಾಮಗಾರಿಯ ವಿವರ	ಅಂದಾಜು ಮೊತ್ತ	ಇ.ಎಂ.ಡಿ	ಗುತ್ತಿಗೆದಾರರ ವರ್ಗ	ಕಾಮಗಾರಿ ಪೂರ್ಣ ಗೊಳಿಸುವ ಅವಧಿ
1	ಉಡುಪಿ ನಗರಸಭೆ ವ್ಯಾಪ್ತಿಯ ವಿವಿಧ ವಾರ್ಡುಗಳಲ್ಲಿ ಒಳಚರಂಡಿ ಸಂಪರ್ಕ ಕಾಮಗಾರಿ DMA/2024-25/OW/WORK_INDENT37179	910000.00	11375.00	ಇ-ಪ್ರೊಕ್ಯೂರ್ ಮೆಂಟ್	3 ತಿಂಗಳು
2	ನಿಟ್ಟೂರು ವಾರ್ಡಿನ ಒಳರಸ್ತೆ ಅಭಿವೃದ್ಧಿ DMA/2024-25/OW/WORK_INDENT37138	345000.00	4313.00	ಇ-ಪ್ರೊಕ್ಯೂರ್ ಮೆಂಟ್	2 ತಿಂಗಳು
3	ಕಿನ್ನಿಮೂಲ್ಕಿ ವಾರ್ಡಿನ ಚರಂಡಿ ದುರಸ್ತಿ DMA/2024-25/RD/WORK_INDENT37140	200000.00	2500.00	ಇ-ಪ್ರೊಕ್ಯೂರ್ ಮೆಂಟ್	2 ತಿಂಗಳು
4	ಬೈಲಕೆರೆ ವಾರ್ಡಿನ ರಸ್ತೆ ಕಾಂಕ್ರೀಟೀಕರಣ DMA/2024-25/RD/WORK_INDENT36891	1550000.00	38750.00	ಇ-ಪ್ರೊಕ್ಯೂರ್ ಮೆಂಟ್	3 ತಿಂಗಳು
5	ಮಣಿಪಾಲ ವಾರ್ಡಿನ ಫುಟ್‌ಪಾತ್ ದುರಸ್ತಿ DMA/2024-25/RD/WORK_INDENT37180	170000.00	2125.00	ಇ-ಪ್ರೊಕ್ಯೂರ್ ಮೆಂಟ್	2 ತಿಂಗಳು
6	ಗುಂಡಿಬೈಲು ವಾರ್ಡಿನ ಒಳಚರಂಡಿ DMA/2024-25/OW/WORK_INDENT37133	200000.00	2500.00	ಇ-ಪ್ರೊಕ್ಯೂರ್ ಮೆಂಟ್	2 ತಿಂಗಳು
7	ಪುತ್ತೂರು ವಾರ್ಡಿನ ಒಳಚರಂಡಿ DMA/2024-25/OW/WORK_INDENT37137	350000.00	4375.00	ಇ-ಪ್ರೊಕ್ಯೂರ್ ಮೆಂಟ್	2 ತಿಂಗಳು
8	ಕೊಡವೂರು ವಾರ್ಡಿನ ಒಳಚರಂಡಿ DMA/2024-25/OW/WORK_INDENT37134	250000.00	3125.00	ಇ-ಪ್ರೊಕ್ಯೂರ್ ಮೆಂಟ್	2 ತಿಂಗಳು
9	ಮೂಡನಿಡಂಬೂರು ವಾರ್ಡಿನ ಒಳಚರಂಡಿ DMA/2024-25/OW/WORK_INDENT37136	490000.00	6125.00	ಇ-ಪ್ರೊಕ್ಯೂರ್ ಮೆಂಟ್	2 ತಿಂಗಳು
10	ಬನ್ನಂಜೆ ವಾರ್ಡಿನ ಚರಂಡಿ ದುರಸ್ತಿ DMA/2024-25/RD/WORK_INDENT37139	120000.00	1500.00	ಇ-ಪ್ರೊಕ್ಯೂರ್ ಮೆಂಟ್	2 ತಿಂಗಳು
11	ಕರಂಬಳ್ಳಿ ವಾರ್ಡಿನ ರಸ್ತೆ ದುರಸ್ತಿ DMA/2024-25/RD/WORK_INDENT37182	1550000.00	38750.00	ಇ-ಪ್ರೊಕ್ಯೂರ್ ಮೆಂಟ್	3 ತಿಂಗಳು
12	ಸಗ್ರಿ ವಾರ್ಡಿನ ಒಳಚರಂಡಿ DMA/2024-25/OW/WORK_INDENT37135	345000.00	8625.00	ಇ-ಪ್ರೊಕ್ಯೂರ್ ಮೆಂಟ್	2 ತಿಂಗಳು
13	ಉಡುಪಿ ನಗರಸಭೆ ವ್ಯಾಪ್ತಿಯ ವಿವಿಧ ಕಾಮಗಾರಿಗಳು DMA/2023-24/OW/WORK_INDENT15281-CALL-2	1500000.00	18750.00	ಇ-ಪ್ರೊಕ್ಯೂರ್ ಮೆಂಟ್	3 ತಿಂಗಳು
ಕ್ರ.ಸಂ. (1) ರಿಂದ (13) ರ ಕಾಮಗಾರಿಗಳಿಗೆ ಸಂಬಂಧಿಸಿದ ಹೆಚ್ಚಿನ ವಿವರಗಳನ್ನು ನಗರಸಭೆ ಕಛೇರಿಯಲ್ಲಿ ಪಡೆಯಬಹುದು.
ಸಹಿ/- ಅಧ್ಯಕ್ಷರು, ನಗರಸಭೆ, ಉಡುಪಿ	ಸಹಿ/- ಪೌರಾಯುಕ್ತರು, ನಗರಸಭೆ, ಉಡುಪಿ
